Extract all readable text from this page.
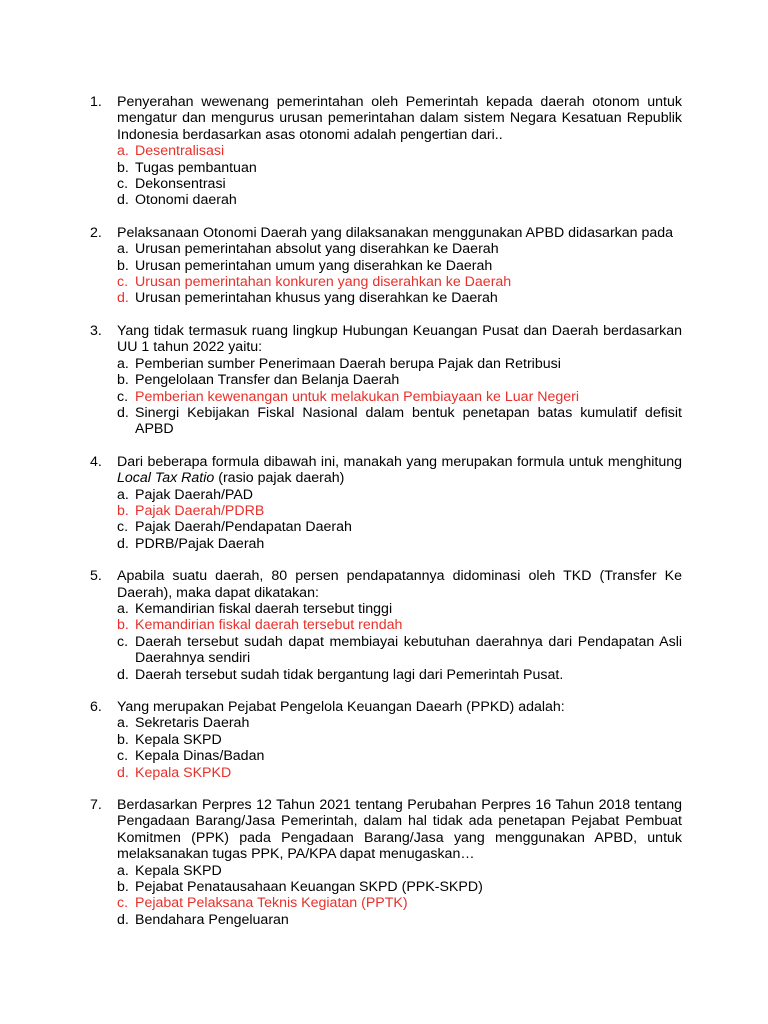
1.	Penyerahan wewenang pemerintahan oleh Pemerintah kepada daerah otonom untuk mengatur dan mengurus urusan pemerintahan dalam sistem Negara Kesatuan Republik Indonesia berdasarkan asas otonomi adalah pengertian dari..
a. Desentralisasi
b. Tugas pembantuan
c. Dekonsentrasi
d. Otonomi daerah
2.	Pelaksanaan Otonomi Daerah yang dilaksanakan menggunakan APBD didasarkan pada
a. Urusan pemerintahan absolut yang diserahkan ke Daerah
b. Urusan pemerintahan umum yang diserahkan ke Daerah
c. Urusan pemerintahan konkuren yang diserahkan ke Daerah
d. Urusan pemerintahan khusus yang diserahkan ke Daerah
3.	Yang tidak termasuk ruang lingkup Hubungan Keuangan Pusat dan Daerah berdasarkan UU 1 tahun 2022 yaitu:
a. Pemberian sumber Penerimaan Daerah berupa Pajak dan Retribusi
b. Pengelolaan Transfer dan Belanja Daerah
c. Pemberian kewenangan untuk melakukan Pembiayaan ke Luar Negeri
d. Sinergi Kebijakan Fiskal Nasional dalam bentuk penetapan batas kumulatif defisit APBD
4.	Dari beberapa formula dibawah ini, manakah yang merupakan formula untuk menghitung Local Tax Ratio (rasio pajak daerah)
a. Pajak Daerah/PAD
b. Pajak Daerah/PDRB
c. Pajak Daerah/Pendapatan Daerah
d. PDRB/Pajak Daerah
5.	Apabila suatu daerah, 80 persen pendapatannya didominasi oleh TKD (Transfer Ke Daerah), maka dapat dikatakan:
a. Kemandirian fiskal daerah tersebut tinggi
b. Kemandirian fiskal daerah tersebut rendah
c. Daerah tersebut sudah dapat membiayai kebutuhan daerahnya dari Pendapatan Asli Daerahnya sendiri
d. Daerah tersebut sudah tidak bergantung lagi dari Pemerintah Pusat.
6.	Yang merupakan Pejabat Pengelola Keuangan Daearh (PPKD) adalah:
a. Sekretaris Daerah
b. Kepala SKPD
c. Kepala Dinas/Badan
d. Kepala SKPKD
7.	Berdasarkan Perpres 12 Tahun 2021 tentang Perubahan Perpres 16 Tahun 2018 tentang Pengadaan Barang/Jasa Pemerintah, dalam hal tidak ada penetapan Pejabat Pembuat Komitmen (PPK) pada Pengadaan Barang/Jasa yang menggunakan APBD, untuk melaksanakan tugas PPK, PA/KPA dapat menugaskan…
a. Kepala SKPD
b. Pejabat Penatausahaan Keuangan SKPD (PPK-SKPD)
c. Pejabat Pelaksana Teknis Kegiatan (PPTK)
d. Bendahara Pengeluaran
